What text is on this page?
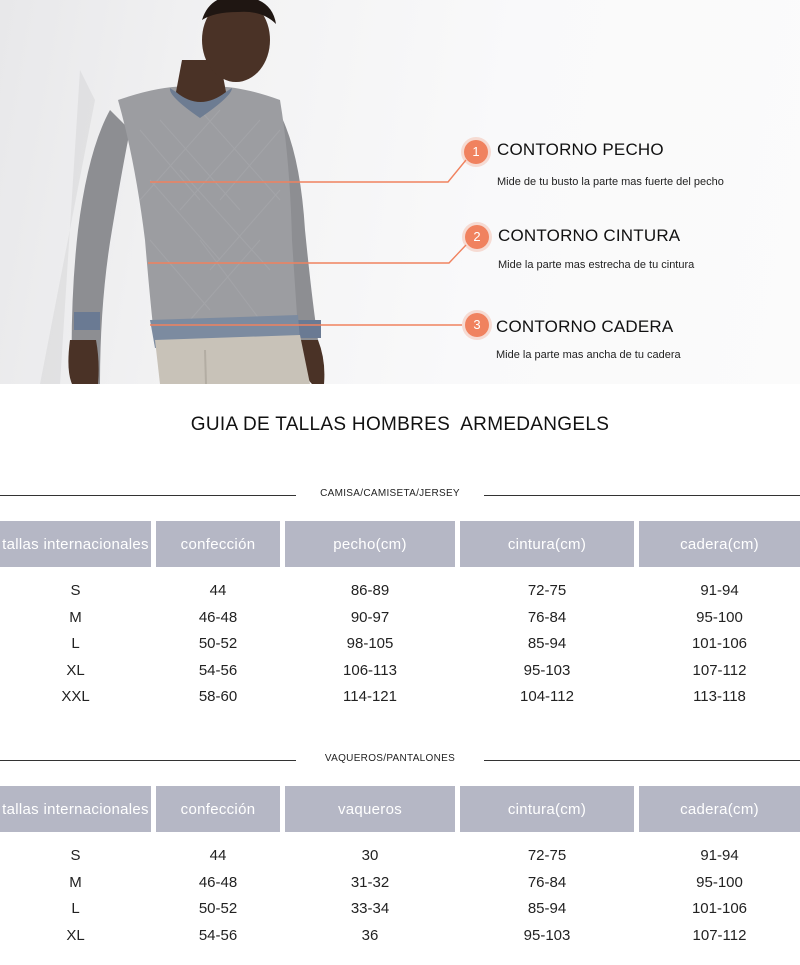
1	CONTORNO PECHO
Mide de tu busto la parte mas fuerte del pecho
2	CONTORNO CINTURA
Mide la parte mas estrecha de tu cintura
3 CONTORNO CADERA
Mide la parte mas ancha de tu cadera
GUIA DE TALLAS HOMBRES  ARMEDANGELS
CAMISA/CAMISETA/JERSEY
tallas internacionales	confección	pecho(cm)	cintura(cm)	cadera(cm)
S	44	86-89	72-75	91-94
M	46-48	90-97	76-84	95-100
L	50-52	98-105	85-94	101-106
XL	54-56	106-113	95-103	107-112
XXL	58-60	114-121	104-112	113-118
VAQUEROS/PANTALONES
tallas internacionales	confección	vaqueros	cintura(cm)	cadera(cm)
S	44	30	72-75	91-94
M	46-48	31-32	76-84	95-100
L	50-52	33-34	85-94	101-106
XL	54-56	36	95-103	107-112
